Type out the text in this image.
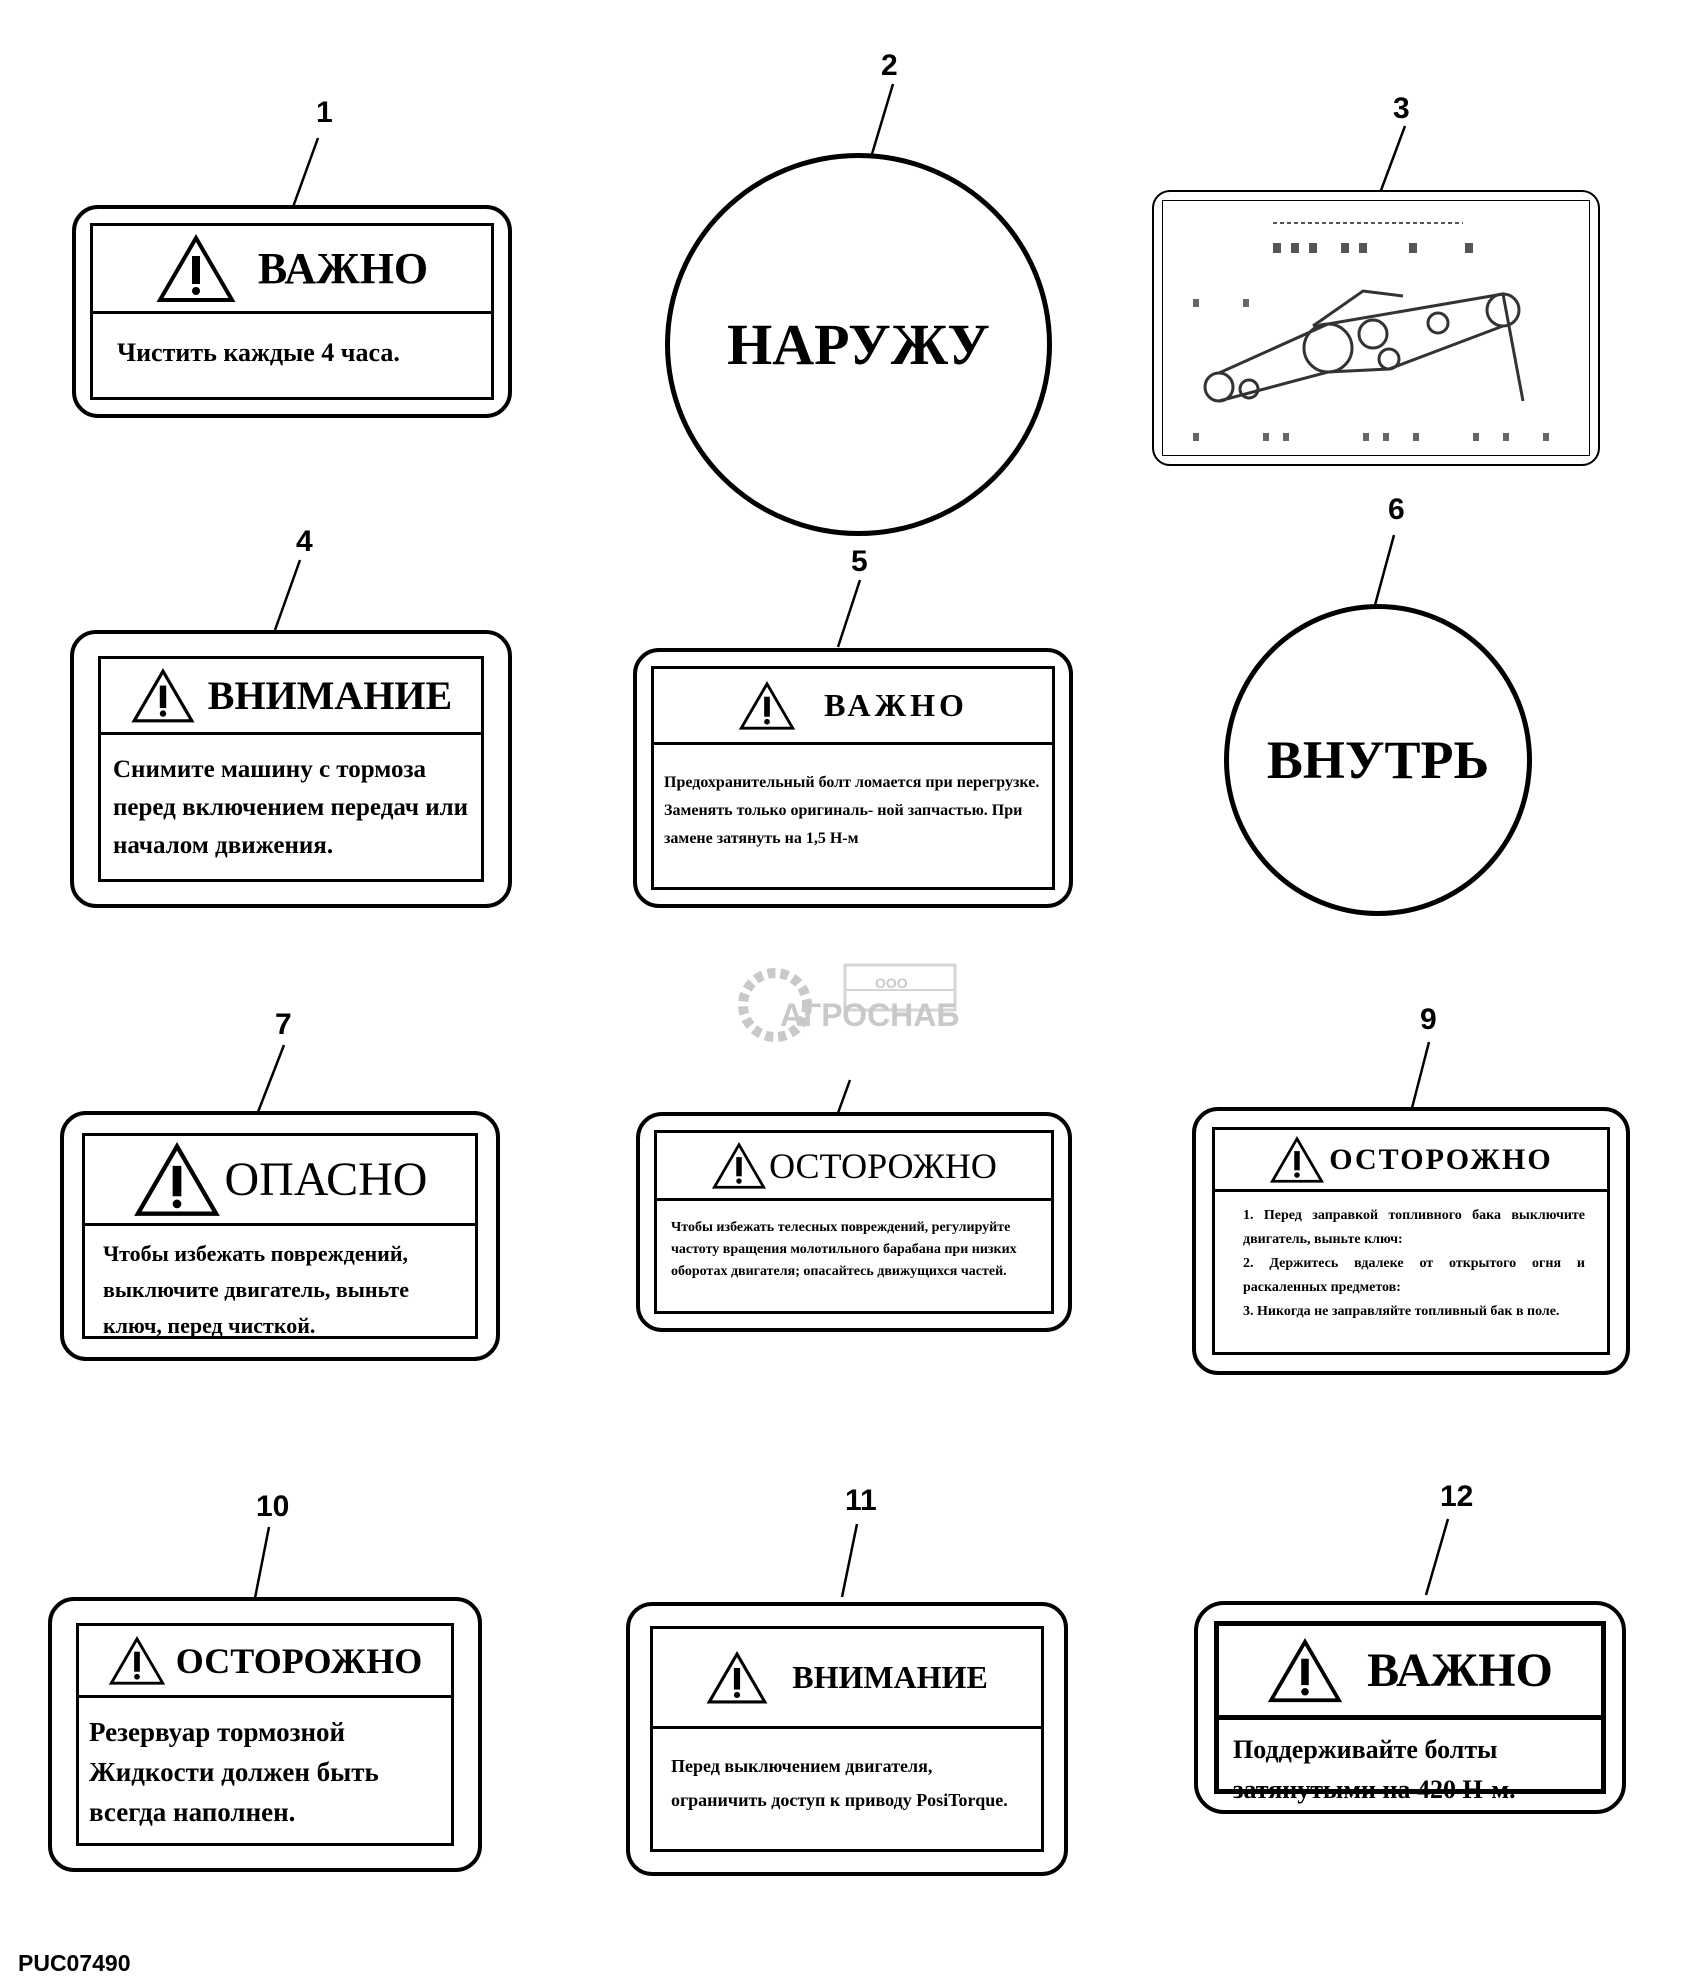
1
2
3
4
5
6
7	9
10	11	12
ВАЖНО
Чистить каждые 4 часа.	НАРУЖУ
ВНИМАНИЕ
Снимите машину с тормоза перед включением передач или началом движения.
ВАЖНО
Предохранительный болт ломается при перегрузке. Заменять только оригиналь- ной запчастью. При замене затянуть на 1,5 Н-м
ВНУТРЬ
ООО
АГРОСНАБ
ОПАСНО
Чтобы избежать повреждений, выключите двигатель, выньте ключ, перед чисткой.
ОСТОРОЖНО
Чтобы избежать телесных повреждений, регулируйте частоту вращения молотильного барабана при низких оборотах двигателя; опасайтесь движущихся частей.
ОСТОРОЖНО
1. Перед заправкой топливного бака выключите двигатель, выньте ключ:
2. Держитесь вдалеке от открытого огня и раскаленных предметов:
3. Никогда не заправляйте топливный бак в поле.
ОСТОРОЖНО
Резервуар тормозной Жидкости должен быть всегда наполнен.
ВНИМАНИЕ
Перед выключением двигателя, ограничить доступ к приводу PosiTorque.
ВАЖНО
Поддерживайте болты затянутыми на 420 Н-м.
PUC07490
